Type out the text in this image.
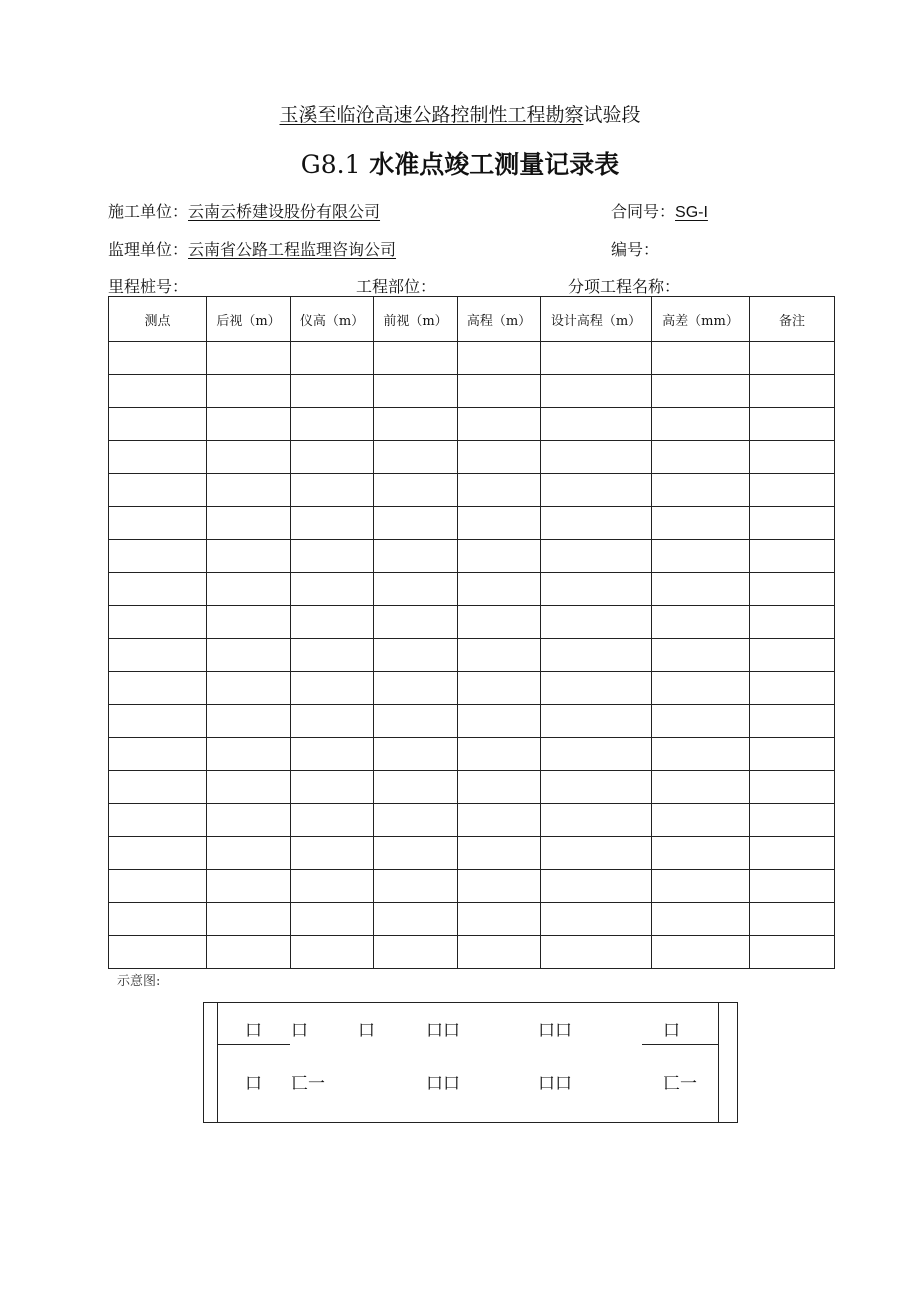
玉溪至临沧高速公路控制性工程勘察试验段
G8.1 水准点竣工测量记录表
施工单位：云南云桥建设股份有限公司	合同号：SG-I
监理单位：云南省公路工程监理咨询公司	编号：
里程桩号：	工程部位：	分项工程名称：
测点	后视（m）	仪高（m）	前视（m）	高程（m）	设计高程（m）	高差（mm）	备注

示意图:
口 口	口	口口	口口	口
口 匸一	口口	口口	匸一
